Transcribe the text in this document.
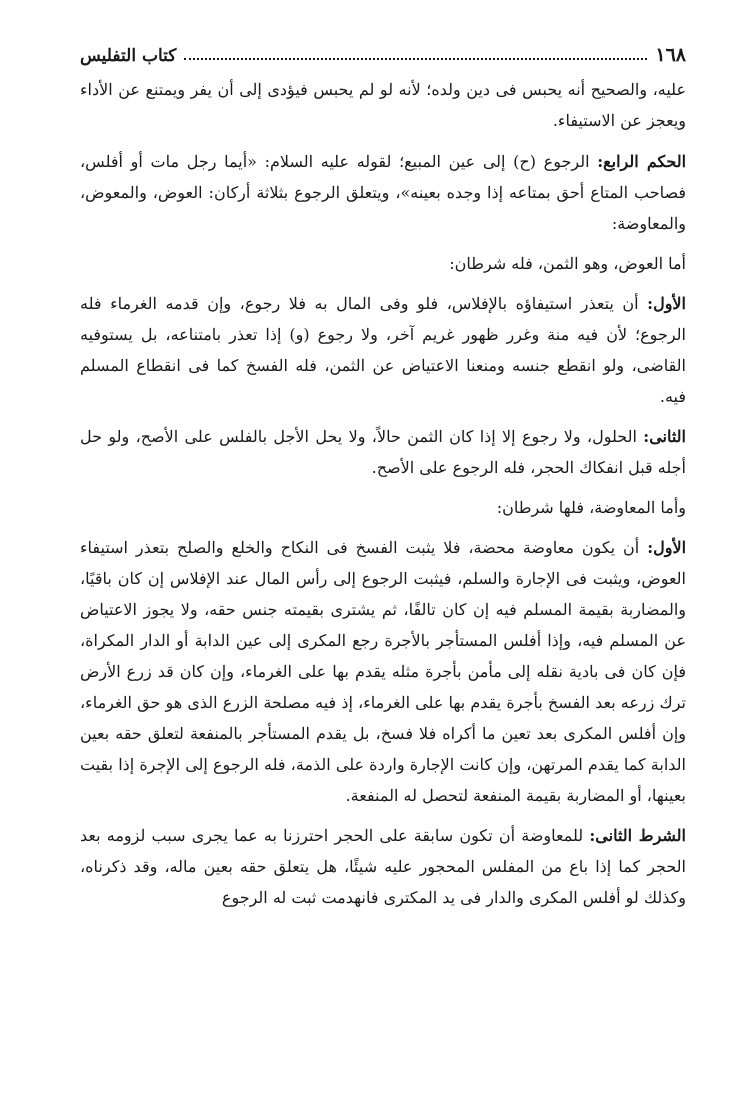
١٦٨
كتاب التفليس

عليه، والصحيح أنه يحبس فى دين ولده؛ لأنه لو لم يحبس فيؤدى إلى أن يفر ويمتنع عن الأداء ويعجز عن الاستيفاء.

الحكم الرابع: الرجوع (ح) إلى عين المبيع؛ لقوله عليه السلام: «أيما رجل مات أو أفلس، فصاحب المتاع أحق بمتاعه إذا وجده بعينه»، ويتعلق الرجوع بثلاثة أركان: العوض، والمعوض، والمعاوضة:

أما العوض، وهو الثمن، فله شرطان:

الأول: أن يتعذر استيفاؤه بالإفلاس، فلو وفى المال به فلا رجوع، وإن قدمه الغرماء فله الرجوع؛ لأن فيه منة وغرر ظهور غريم آخر، ولا رجوع (و) إذا تعذر بامتناعه، بل يستوفيه القاضى، ولو انقطع جنسه ومنعنا الاعتياض عن الثمن، فله الفسخ كما فى انقطاع المسلم فيه.

الثانى: الحلول، ولا رجوع إلا إذا كان الثمن حالاً، ولا يحل الأجل بالفلس على الأصح، ولو حل أجله قبل انفكاك الحجر، فله الرجوع على الأصح.

وأما المعاوضة، فلها شرطان:

الأول: أن يكون معاوضة محضة، فلا يثبت الفسخ فى النكاح والخلع والصلح بتعذر استيفاء العوض، ويثبت فى الإجارة والسلم، فيثبت الرجوع إلى رأس المال عند الإفلاس إن كان باقيًا، والمضاربة بقيمة المسلم فيه إن كان تالفًا، ثم يشترى بقيمته جنس حقه، ولا يجوز الاعتياض عن المسلم فيه، وإذا أفلس المستأجر بالأجرة رجع المكرى إلى عين الدابة أو الدار المكراة، فإن كان فى بادية نقله إلى مأمن بأجرة مثله يقدم بها على الغرماء، وإن كان قد زرع الأرض ترك زرعه بعد الفسخ بأجرة يقدم بها على الغرماء، إذ فيه مصلحة الزرع الذى هو حق الغرماء، وإن أفلس المكرى بعد تعين ما أكراه فلا فسخ، بل يقدم المستأجر بالمنفعة لتعلق حقه بعين الدابة كما يقدم المرتهن، وإن كانت الإجارة واردة على الذمة، فله الرجوع إلى الإجرة إذا بقيت بعينها، أو المضاربة بقيمة المنفعة لتحصل له المنفعة.

الشرط الثانى: للمعاوضة أن تكون سابقة على الحجر احترزنا به عما يجرى سبب لزومه بعد الحجر كما إذا باع من المفلس المحجور عليه شيئًا، هل يتعلق حقه بعين ماله، وقد ذكرناه، وكذلك لو أفلس المكرى والدار فى يد المكترى فانهدمت ثبت له الرجوع
